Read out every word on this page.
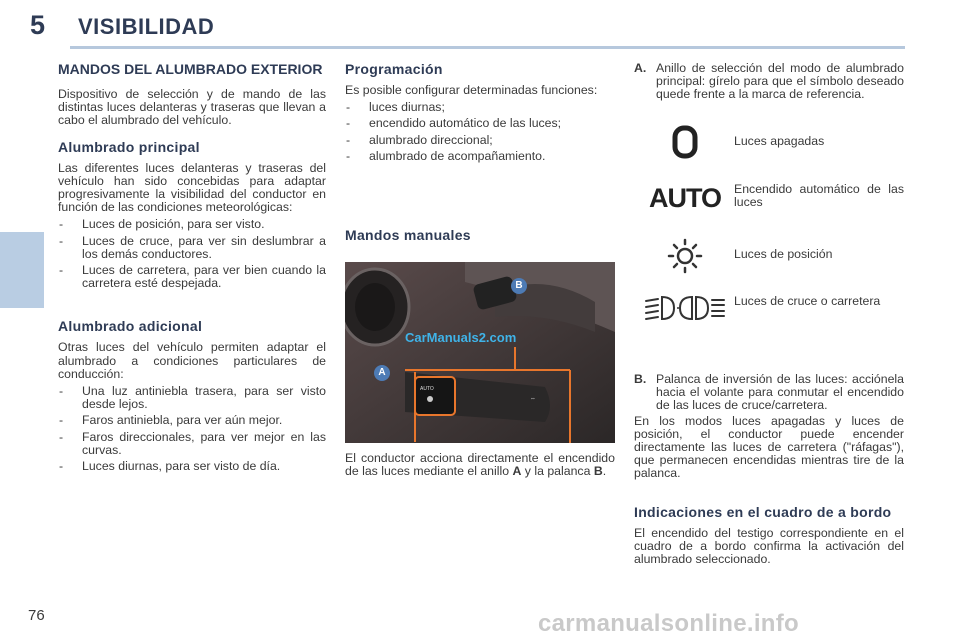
5 VISIBILIDAD
MANDOS DEL ALUMBRADO EXTERIOR
Dispositivo de selección y de mando de las distintas luces delanteras y traseras que llevan a cabo el alumbrado del vehículo.
Alumbrado principal
Las diferentes luces delanteras y traseras del vehículo han sido concebidas para adaptar progresivamente la visibilidad del conductor en función de las condiciones meteorológicas:
- Luces de posición, para ser visto.
- Luces de cruce, para ver sin deslumbrar a los demás conductores.
- Luces de carretera, para ver bien cuando la carretera esté despejada.
Alumbrado adicional
Otras luces del vehículo permiten adaptar el alumbrado a condiciones particulares de conducción:
- Una luz antiniebla trasera, para ser visto desde lejos.
- Faros antiniebla, para ver aún mejor.
- Faros direccionales, para ver mejor en las curvas.
- Luces diurnas, para ser visto de día.
Programación
Es posible configurar determinadas funciones:
- luces diurnas;
- encendido automático de las luces;
- alumbrado direccional;
- alumbrado de acompañamiento.
Mandos manuales
AUTO
⇔
CarManuals2.com
A
B
El conductor acciona directamente el encendido de las luces mediante el anillo A y la palanca B.
A. Anillo de selección del modo de alumbrado principal: gírelo para que el símbolo deseado quede frente a la marca de referencia.
Luces apagadas
AUTO Encendido automático de las luces
Luces de posición
Luces de cruce o carretera
B. Palanca de inversión de las luces: acciónela hacia el volante para conmutar el encendido de las luces de cruce/carretera.
En los modos luces apagadas y luces de posición, el conductor puede encender directamente las luces de carretera ("ráfagas"), que permanecen encendidas mientras tire de la palanca.
Indicaciones en el cuadro de a bordo
El encendido del testigo correspondiente en el cuadro de a bordo confirma la activación del alumbrado seleccionado.
76	carmanualsonline.info
